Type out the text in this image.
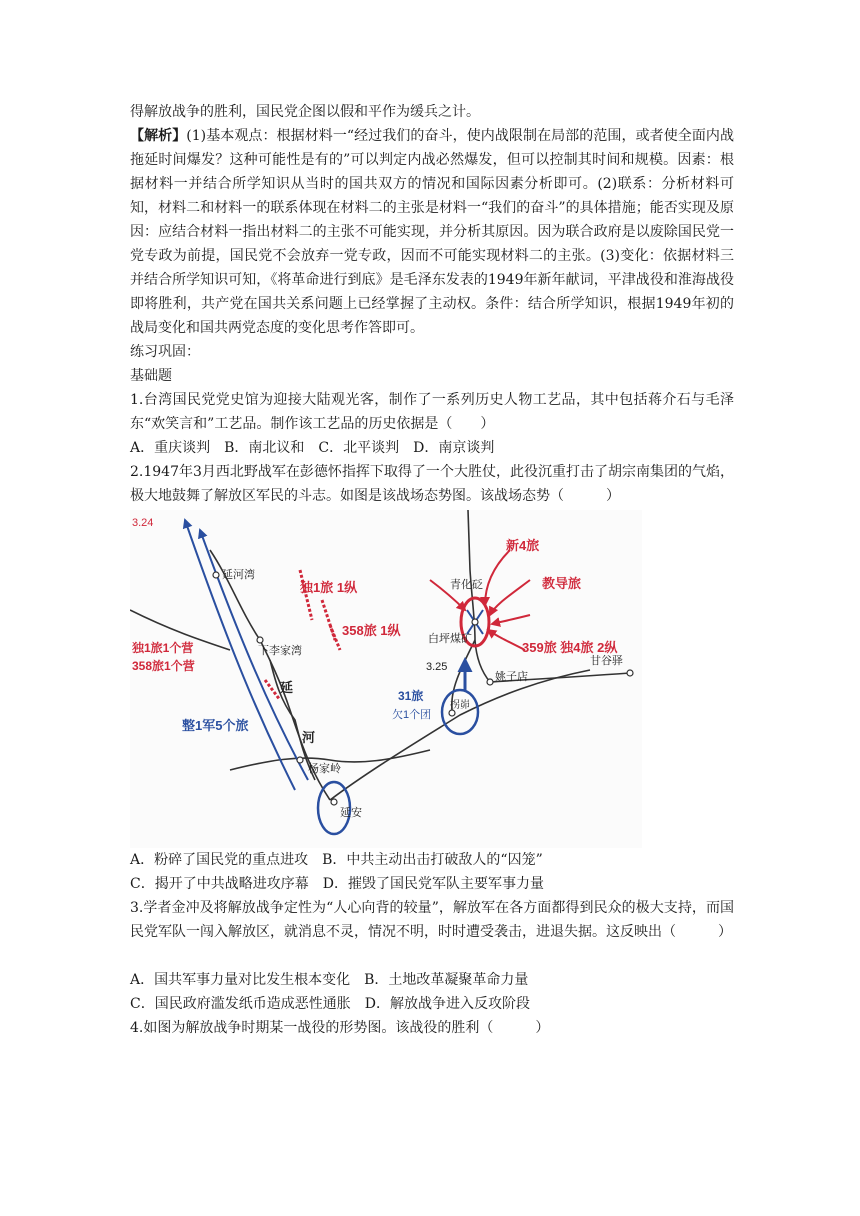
得解放战争的胜利，国民党企图以假和平作为缓兵之计。
【解析】(1)基本观点：根据材料一“经过我们的奋斗，使内战限制在局部的范围，或者使全面内战拖延时间爆发？这种可能性是有的”可以判定内战必然爆发，但可以控制其时间和规模。因素：根据材料一并结合所学知识从当时的国共双方的情况和国际因素分析即可。(2)联系：分析材料可知，材料二和材料一的联系体现在材料二的主张是材料一“我们的奋斗”的具体措施；能否实现及原因：应结合材料一指出材料二的主张不可能实现，并分析其原因。因为联合政府是以废除国民党一党专政为前提，国民党不会放弃一党专政，因而不可能实现材料二的主张。(3)变化：依据材料三并结合所学知识可知，《将革命进行到底》是毛泽东发表的1949年新年献词，平津战役和淮海战役即将胜利，共产党在国共关系问题上已经掌握了主动权。条件：结合所学知识，根据1949年初的战局变化和国共两党态度的变化思考作答即可。
练习巩固：
基础题
1.台湾国民党党史馆为迎接大陆观光客，制作了一系列历史人物工艺品，其中包括蒋介石与毛泽东“欢笑言和”工艺品。制作该工艺品的历史依据是（　　）
A．重庆谈判 B．南北议和 C．北平谈判 D．南京谈判
2.1947年3月西北野战军在彭德怀指挥下取得了一个大胜仗，此役沉重打击了胡宗南集团的气焰，极大地鼓舞了解放区军民的斗志。如图是该战场态势图。该战场态势（　　　）
3.24
延河湾
独1旅 1纵
358旅 1纵
独1旅1个营
358旅1个营
下李家湾
延
河
整1军5个旅
杨家岭
延安
新4旅
教导旅
青化砭
白坪煤矿
3.25
359旅 独4旅 2纵
甘谷驿
姚子店
31旅
欠1个团
拐峁
A．粉碎了国民党的重点进攻 B．中共主动出击打破敌人的“囚笼”
C．揭开了中共战略进攻序幕 D．摧毁了国民党军队主要军事力量
3.学者金冲及将解放战争定性为“人心向背的较量”，解放军在各方面都得到民众的极大支持，而国民党军队一闯入解放区，就消息不灵，情况不明，时时遭受袭击，进退失据。这反映出（　　　）
A．国共军事力量对比发生根本变化 B．土地改革凝聚革命力量
C．国民政府滥发纸币造成恶性通胀 D．解放战争进入反攻阶段
4.如图为解放战争时期某一战役的形势图。该战役的胜利（　　　）
